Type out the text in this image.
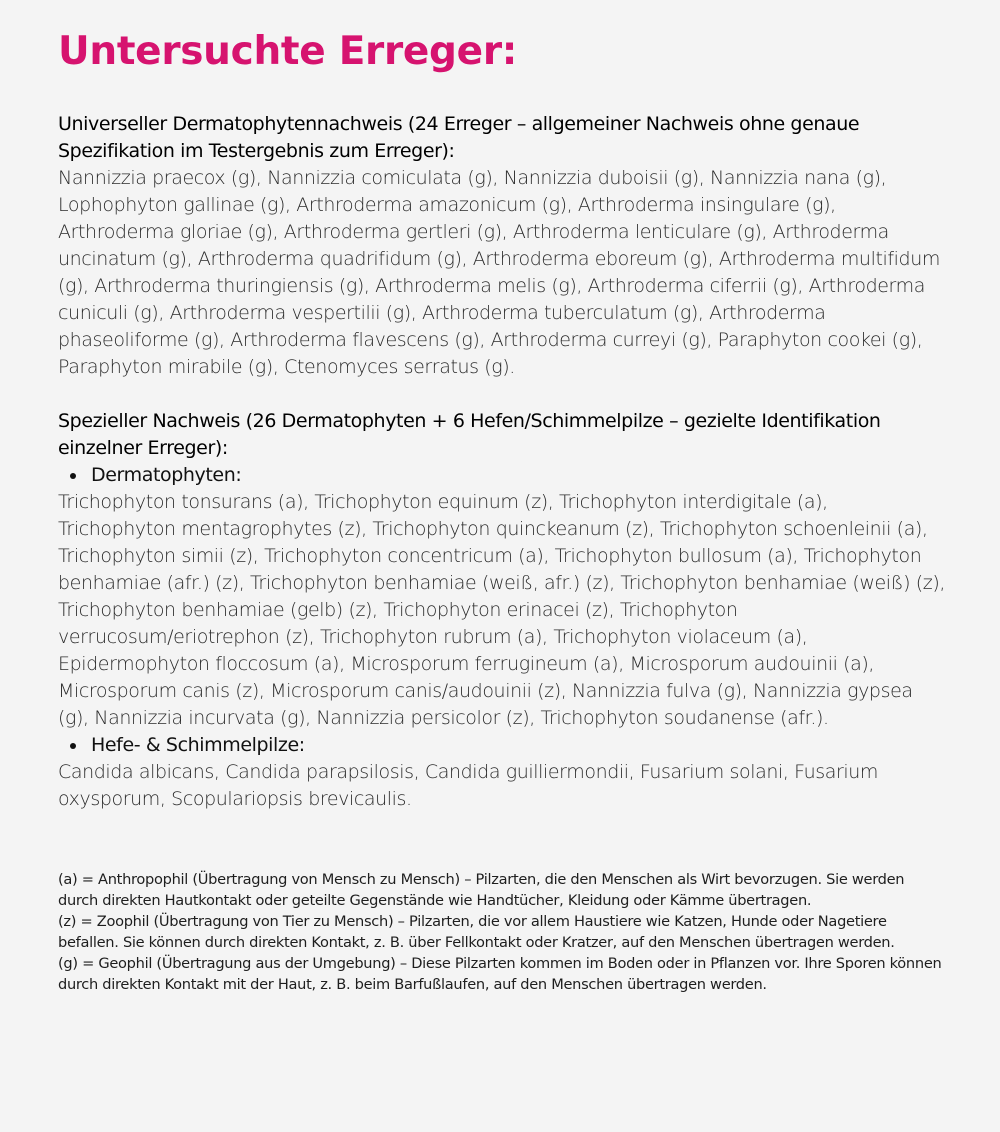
Untersuchte Erreger:
Universeller Dermatophytennachweis (24 Erreger – allgemeiner Nachweis ohne genaue Spezifikation im Testergebnis zum Erreger):
Nannizzia praecox (g), Nannizzia comiculata (g), Nannizzia duboisii (g), Nannizzia nana (g), Lophophyton gallinae (g), Arthroderma amazonicum (g), Arthroderma insingulare (g), Arthroderma gloriae (g), Arthroderma gertleri (g), Arthroderma lenticulare (g), Arthroderma uncinatum (g), Arthroderma quadrifidum (g), Arthroderma eboreum (g), Arthroderma multifidum (g), Arthroderma thuringiensis (g), Arthroderma melis (g), Arthroderma ciferrii (g), Arthroderma cuniculi (g), Arthroderma vespertilii (g), Arthroderma tuberculatum (g), Arthroderma phaseoliforme (g), Arthroderma flavescens (g), Arthroderma curreyi (g), Paraphyton cookei (g), Paraphyton mirabile (g), Ctenomyces serratus (g).
Spezieller Nachweis (26 Dermatophyten + 6 Hefen/Schimmelpilze – gezielte Identifikation einzelner Erreger):
Dermatophyten:
Trichophyton tonsurans (a), Trichophyton equinum (z), Trichophyton interdigitale (a), Trichophyton mentagrophytes (z), Trichophyton quinckeanum (z), Trichophyton schoenleinii (a), Trichophyton simii (z), Trichophyton concentricum (a), Trichophyton bullosum (a), Trichophyton benhamiae (afr.) (z), Trichophyton benhamiae (weiß, afr.) (z), Trichophyton benhamiae (weiß) (z), Trichophyton benhamiae (gelb) (z), Trichophyton erinacei (z), Trichophyton verrucosum/eriotrephon (z), Trichophyton rubrum (a), Trichophyton violaceum (a), Epidermophyton floccosum (a), Microsporum ferrugineum (a), Microsporum audouinii (a), Microsporum canis (z), Microsporum canis/audouinii (z), Nannizzia fulva (g), Nannizzia gypsea (g), Nannizzia incurvata (g), Nannizzia persicolor (z), Trichophyton soudanense (afr.).
Hefe- & Schimmelpilze:
Candida albicans, Candida parapsilosis, Candida guilliermondii, Fusarium solani, Fusarium oxysporum, Scopulariopsis brevicaulis.

(a) = Anthropophil (Übertragung von Mensch zu Mensch) – Pilzarten, die den Menschen als Wirt bevorzugen. Sie werden durch direkten Hautkontakt oder geteilte Gegenstände wie Handtücher, Kleidung oder Kämme übertragen.

(z) = Zoophil (Übertragung von Tier zu Mensch) – Pilzarten, die vor allem Haustiere wie Katzen, Hunde oder Nagetiere befallen. Sie können durch direkten Kontakt, z. B. über Fellkontakt oder Kratzer, auf den Menschen übertragen werden.

(g) = Geophil (Übertragung aus der Umgebung) – Diese Pilzarten kommen im Boden oder in Pflanzen vor. Ihre Sporen können durch direkten Kontakt mit der Haut, z. B. beim Barfußlaufen, auf den Menschen übertragen werden.
